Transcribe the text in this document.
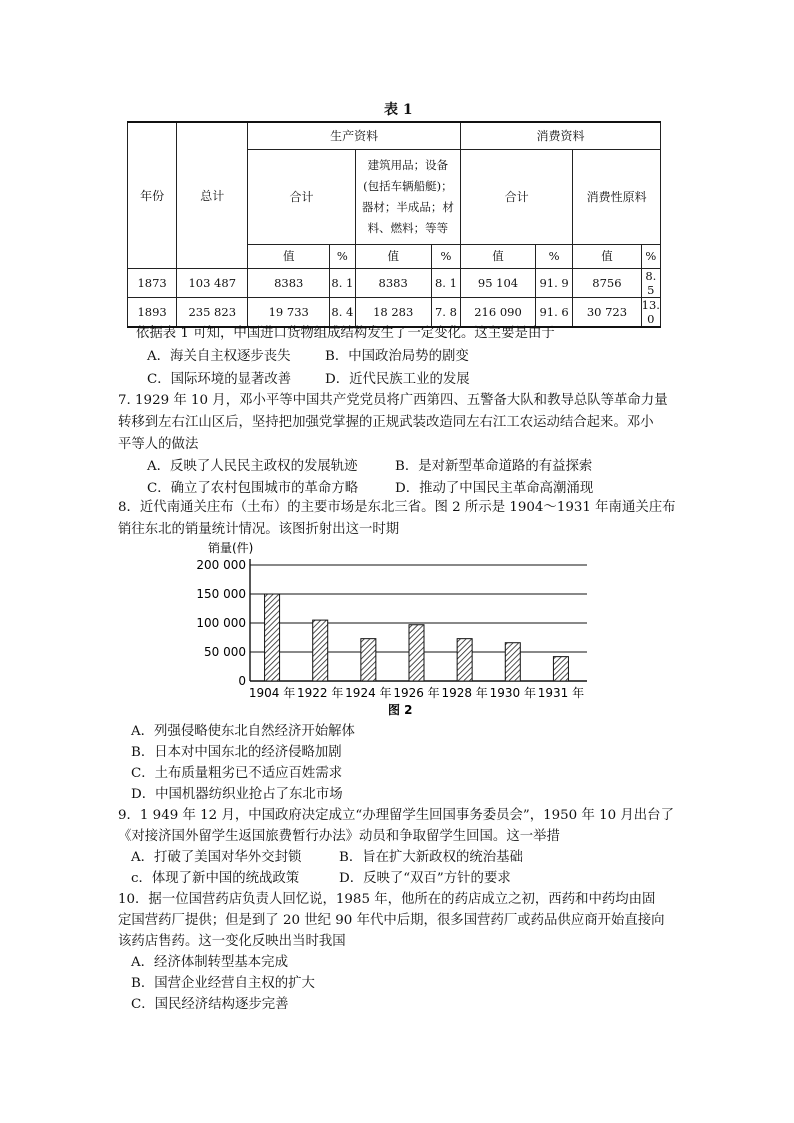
表 1
年份	总计	生产资料				消费资料			
		合计		建筑用品；设备
(包括车辆船艇)；
器材；半成品；材
料、燃料；等等		合计		消费性原料	
		值	%	值	%	值	%	值	%
1873	103 487	8383	8. 1	8383	8. 1	95 104	91. 9	8756	8. 5
1893	235 823	19 733	8. 4	18 283	7. 8	216 090	91. 6	30 723	13. 0
依据表 1 可知，中国进口货物组成结构发生了一定变化。这主要是由于
A．海关自主权逐步丧失	B．中国政治局势的剧变
C．国际环境的显著改善	D．近代民族工业的发展
7. 1929 年 10 月，邓小平等中国共产党党员将广西第四、五警备大队和教导总队等革命力量
转移到左右江山区后，坚持把加强党掌握的正规武装改造同左右江工农运动结合起来。邓小
平等人的做法
A．反映了人民民主政权的发展轨迹	B．是对新型革命道路的有益探索
C．确立了农村包围城市的革命方略	D．推动了中国民主革命高潮涌现
8．近代南通关庄布（土布）的主要市场是东北三省。图 2 所示是 1904～1931 年南通关庄布
销往东北的销量统计情况。该图折射出这一时期
销量(件)
0
50 000
100 000
150 000
200 000
1904 年 1922 年 1924 年 1926 年 1928 年 1930 年 1931 年
图 2
A．列强侵略使东北自然经济开始解体
B．日本对中国东北的经济侵略加剧
C．土布质量粗劣已不适应百姓需求
D．中国机器纺织业抢占了东北市场
9．1 949 年 12 月，中国政府决定成立“办理留学生回国事务委员会”，1950 年 10 月出台了
《对接济国外留学生返国旅费暂行办法》动员和争取留学生回国。这一举措
A．打破了美国对华外交封锁	B．旨在扩大新政权的统治基础
c．体现了新中国的统战政策	D．反映了“双百”方针的要求
10．据一位国营药店负责人回忆说，1985 年，他所在的药店成立之初，西药和中药均由固
定国营药厂提供；但是到了 20 世纪 90 年代中后期，很多国营药厂或药品供应商开始直接向
该药店售药。这一变化反映出当时我国
A．经济体制转型基本完成
B．国营企业经营自主权的扩大
C．国民经济结构逐步完善
